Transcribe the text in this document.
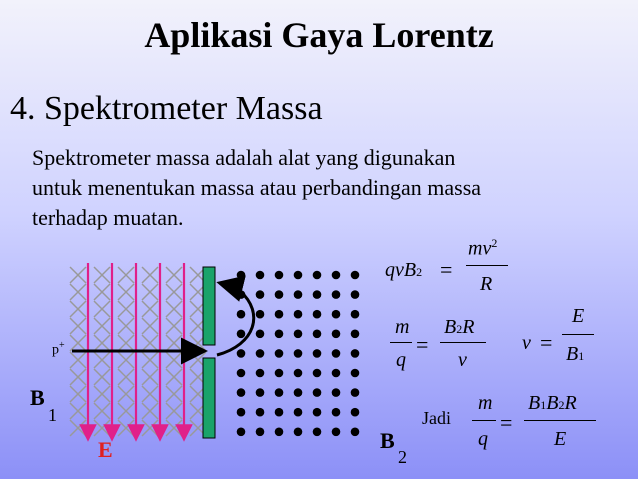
Aplikasi Gaya Lorentz
4. Spektrometer Massa
Spektrometer massa adalah alat yang digunakan
untuk menentukan massa atau perbandingan massa
terhadap muatan.
p+
B
1
E	B
2
qvB2 =
$mv^2$
R
m
q
=
B2R
v
v =
E
B1
Jadi
m
q
=
B1B2R
E
